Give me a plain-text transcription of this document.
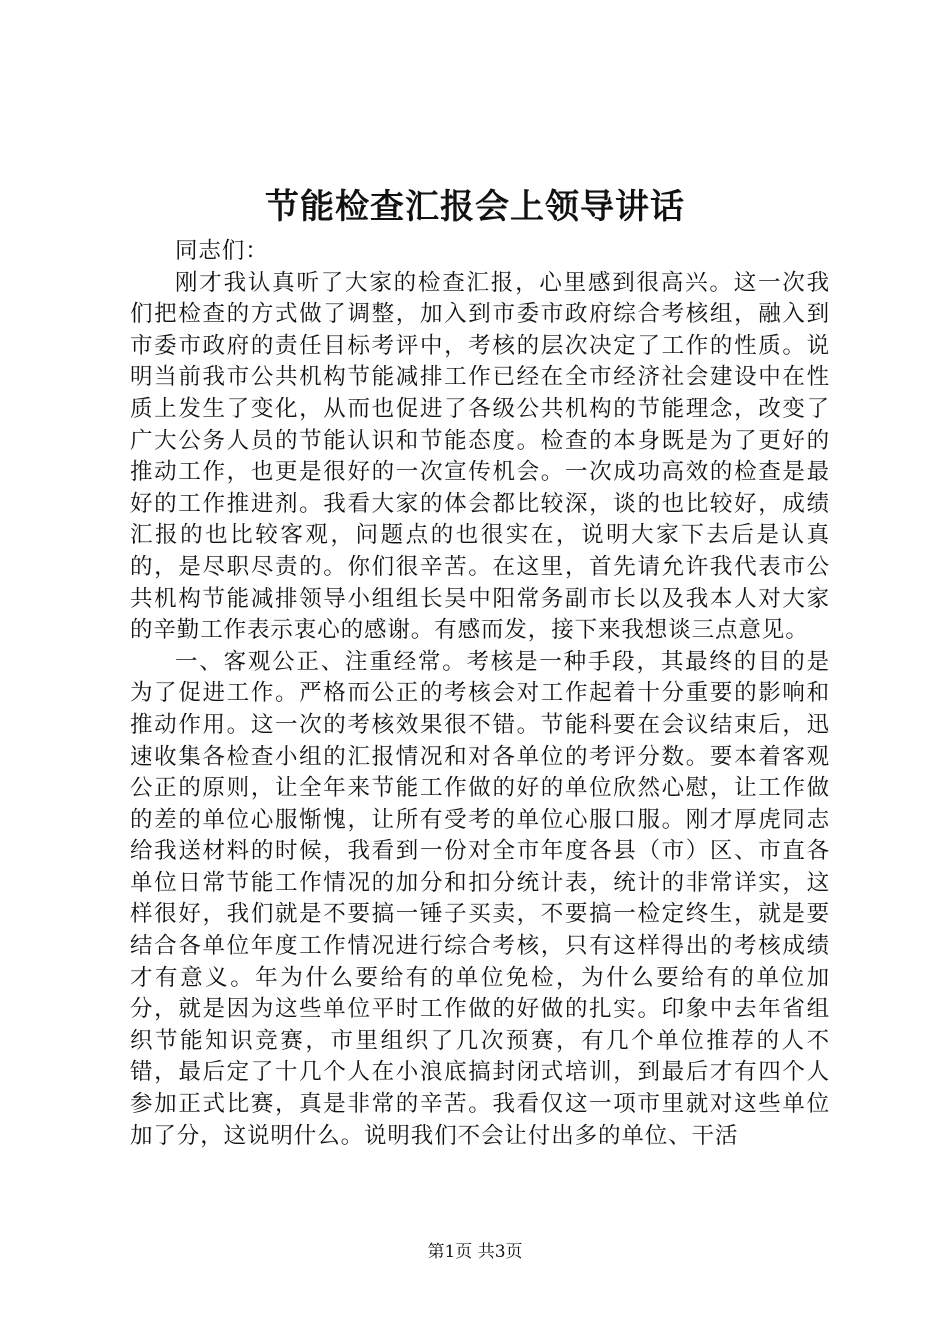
节能检查汇报会上领导讲话

同志们：

刚才我认真听了大家的检查汇报，心里感到很高兴。这一次我们把检查的方式做了调整，加入到市委市政府综合考核组，融入到市委市政府的责任目标考评中，考核的层次决定了工作的性质。说明当前我市公共机构节能减排工作已经在全市经济社会建设中在性质上发生了变化，从而也促进了各级公共机构的节能理念，改变了广大公务人员的节能认识和节能态度。检查的本身既是为了更好的推动工作，也更是很好的一次宣传机会。一次成功高效的检查是最好的工作推进剂。我看大家的体会都比较深，谈的也比较好，成绩汇报的也比较客观，问题点的也很实在，说明大家下去后是认真的，是尽职尽责的。你们很辛苦。在这里，首先请允许我代表市公共机构节能减排领导小组组长吴中阳常务副市长以及我本人对大家的辛勤工作表示衷心的感谢。有感而发，接下来我想谈三点意见。

一、客观公正、注重经常。考核是一种手段，其最终的目的是为了促进工作。严格而公正的考核会对工作起着十分重要的影响和推动作用。这一次的考核效果很不错。节能科要在会议结束后，迅速收集各检查小组的汇报情况和对各单位的考评分数。要本着客观公正的原则，让全年来节能工作做的好的单位欣然心慰，让工作做的差的单位心服惭愧，让所有受考的单位心服口服。刚才厚虎同志给我送材料的时候，我看到一份对全市年度各县（市）区、市直各单位日常节能工作情况的加分和扣分统计表，统计的非常详实，这样很好，我们就是不要搞一锤子买卖，不要搞一检定终生，就是要结合各单位年度工作情况进行综合考核，只有这样得出的考核成绩才有意义。年为什么要给有的单位免检，为什么要给有的单位加分，就是因为这些单位平时工作做的好做的扎实。印象中去年省组织节能知识竞赛，市里组织了几次预赛，有几个单位推荐的人不错，最后定了十几个人在小浪底搞封闭式培训，到最后才有四个人参加正式比赛，真是非常的辛苦。我看仅这一项市里就对这些单位加了分，这说明什么。说明我们不会让付出多的单位、干活

第1页 共3页
